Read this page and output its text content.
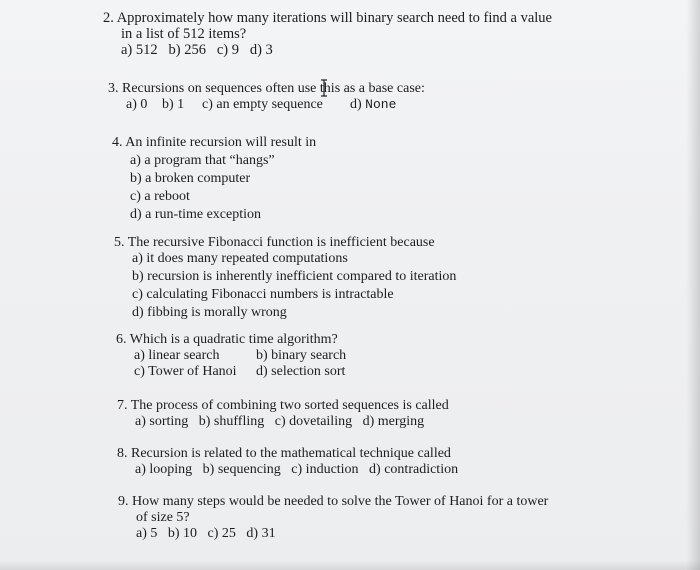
2. Approximately how many iterations will binary search need to find a value
in a list of 512 items?
a) 512   b) 256   c) 9   d) 3
3. Recursions on sequences often use this as a base case:
a) 0 b) 1 c) an empty sequence d) None
4. An infinite recursion will result in
a) a program that “hangs”
b) a broken computer
c) a reboot
d) a run-time exception
5. The recursive Fibonacci function is inefficient because
a) it does many repeated computations
b) recursion is inherently inefficient compared to iteration
c) calculating Fibonacci numbers is intractable
d) fibbing is morally wrong
6. Which is a quadratic time algorithm?
a) linear search	b) binary search
c) Tower of Hanoi d) selection sort
7. The process of combining two sorted sequences is called
a) sorting   b) shuffling   c) dovetailing   d) merging
8. Recursion is related to the mathematical technique called
a) looping   b) sequencing   c) induction   d) contradiction
9. How many steps would be needed to solve the Tower of Hanoi for a tower
of size 5?
a) 5   b) 10   c) 25   d) 31
